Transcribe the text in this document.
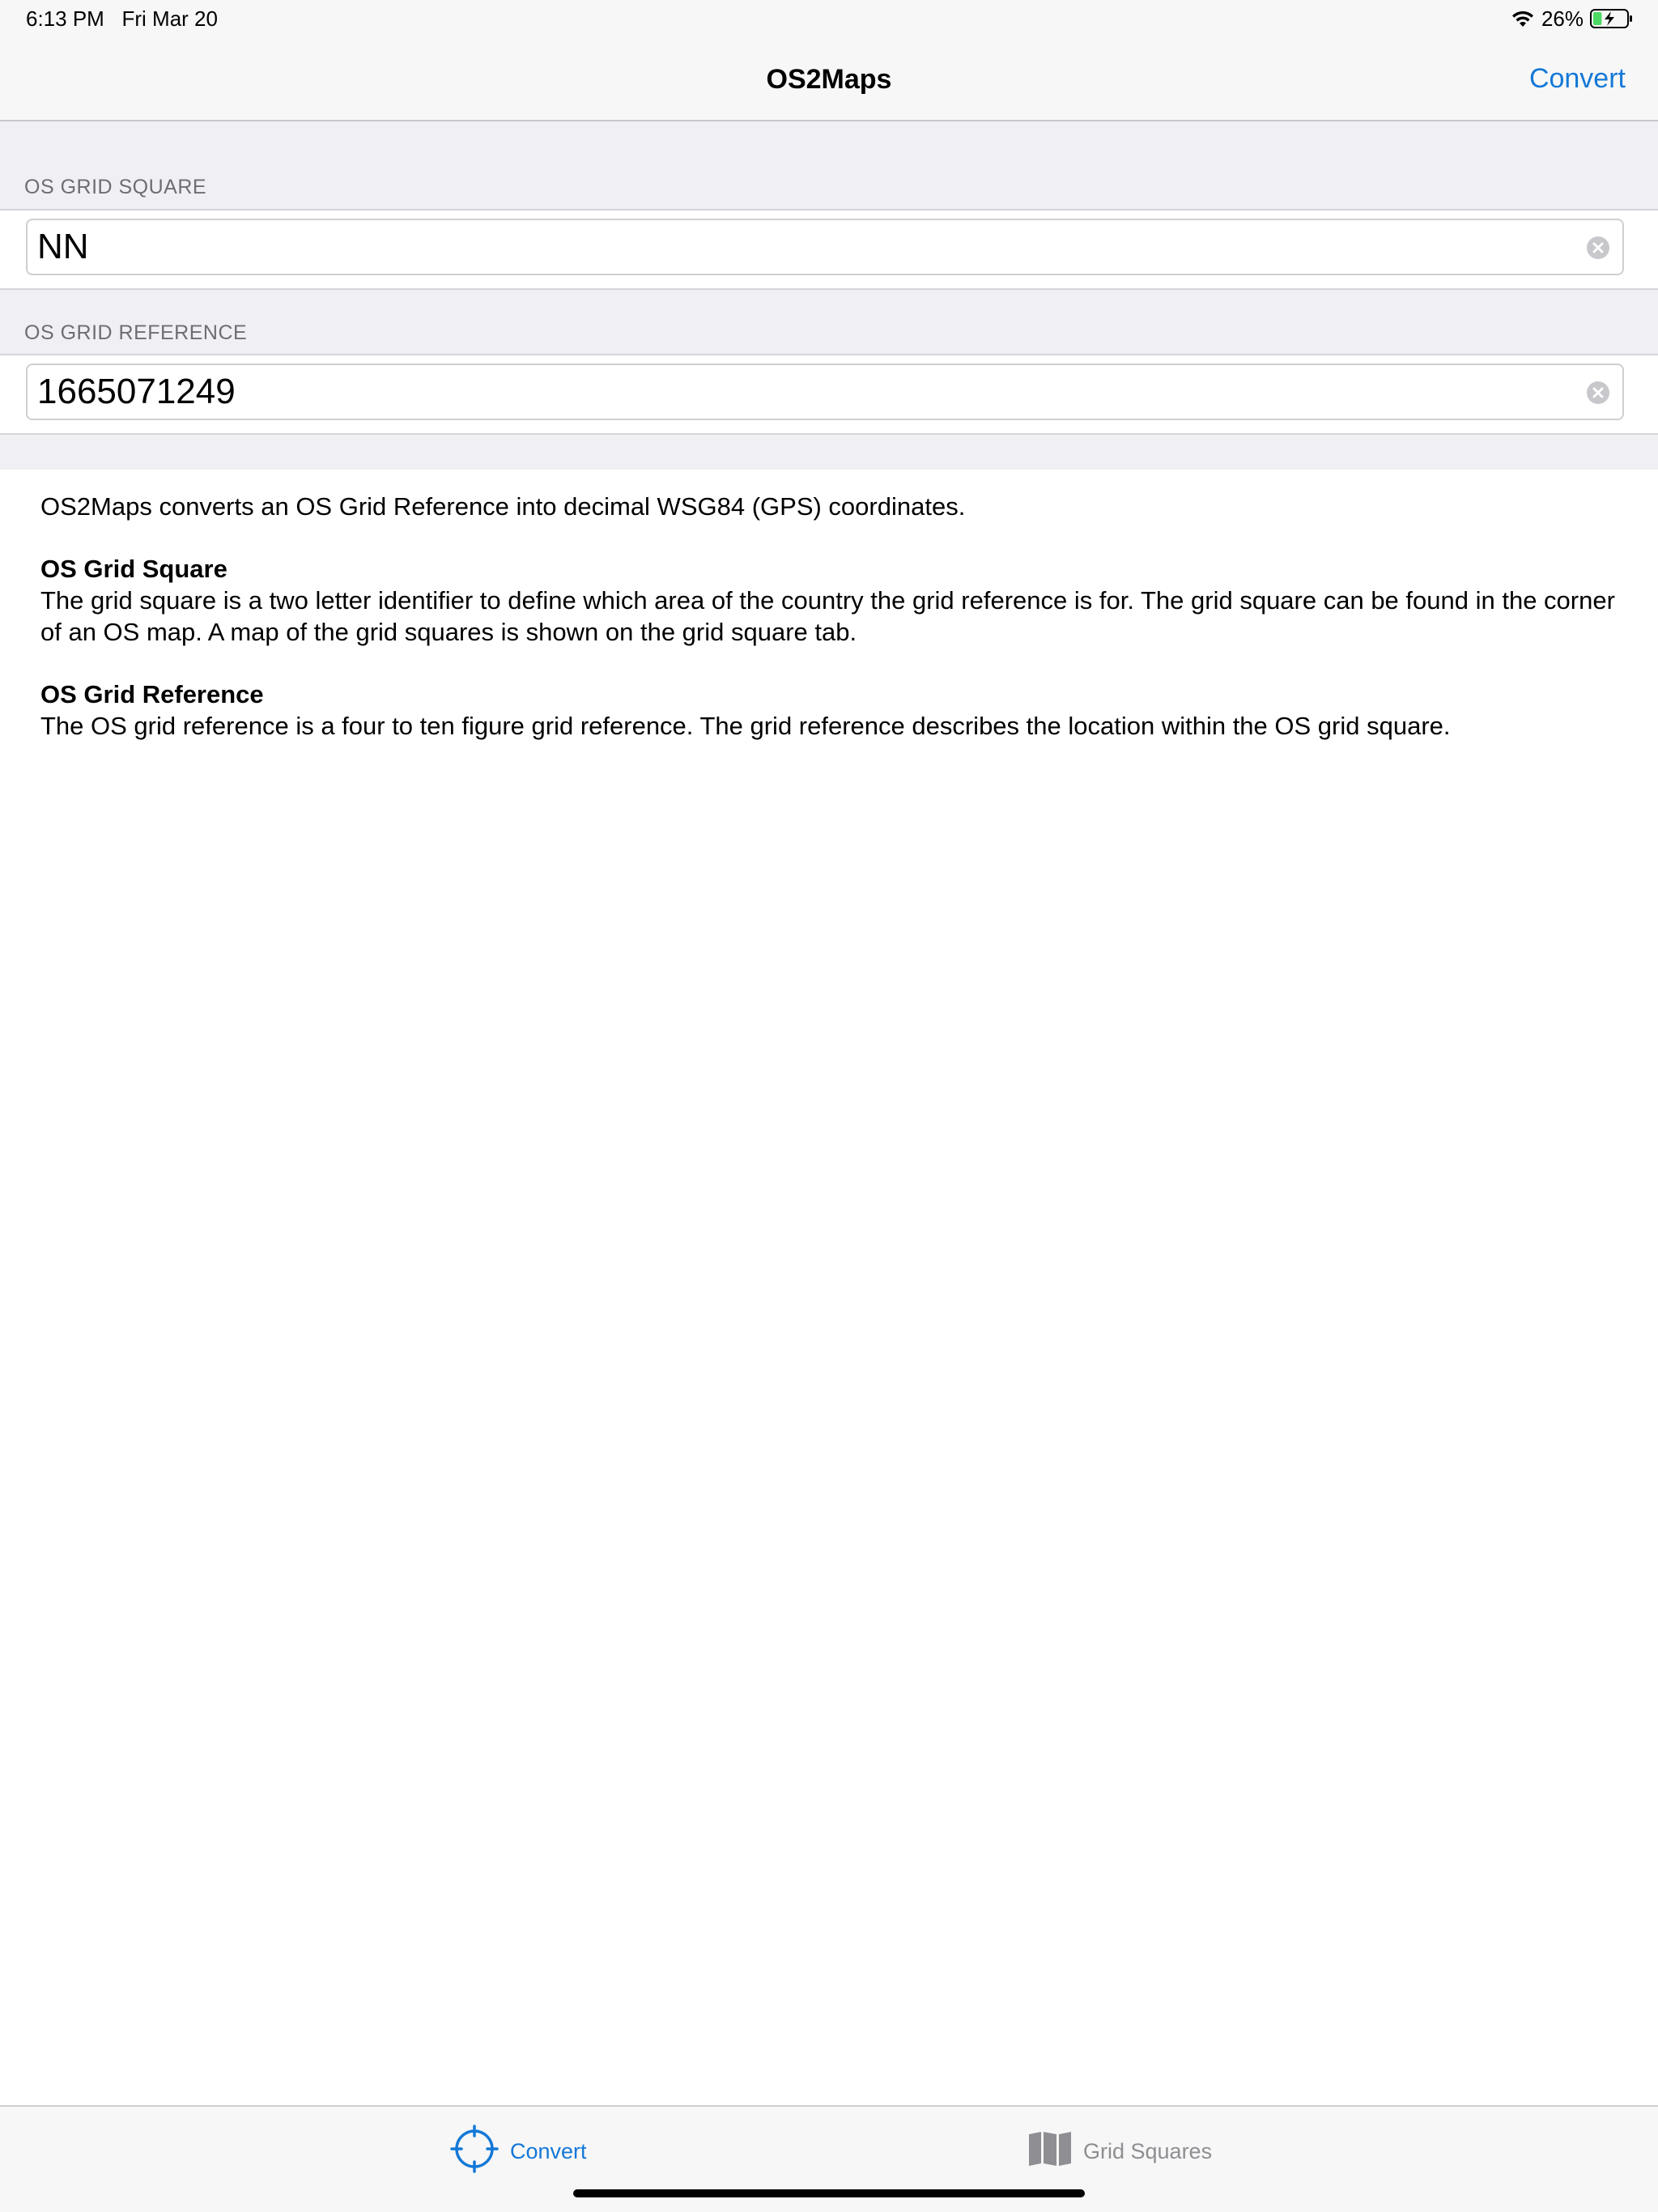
6:13 PM Fri Mar 20	26%
OS2Maps	Convert
OS GRID SQUARE
NN
OS GRID REFERENCE
1665071249

OS2Maps converts an OS Grid Reference into decimal WSG84 (GPS) coordinates.

OS Grid Square

The grid square is a two letter identifier to define which area of the country the grid reference is for. The grid square can be found in the corner of an OS map. A map of the grid squares is shown on the grid square tab.

OS Grid Reference

The OS grid reference is a four to ten figure grid reference. The grid reference describes the location within the OS grid square.

Convert	Grid Squares
